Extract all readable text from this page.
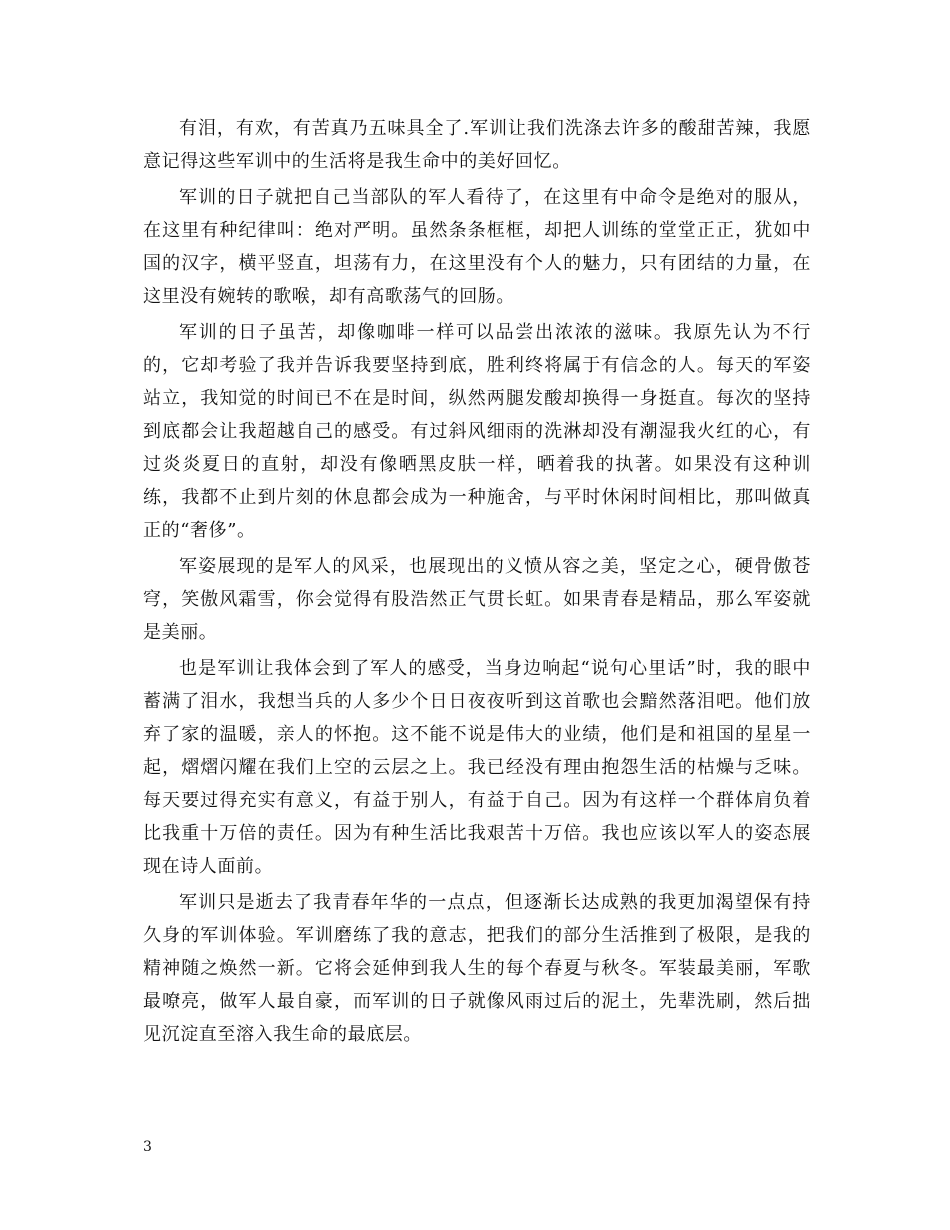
有泪，有欢，有苦真乃五味具全了.军训让我们洗涤去许多的酸甜苦辣，我愿意记得这些军训中的生活将是我生命中的美好回忆。

军训的日子就把自己当部队的军人看待了，在这里有中命令是绝对的服从，在这里有种纪律叫：绝对严明。虽然条条框框，却把人训练的堂堂正正，犹如中国的汉字，横平竖直，坦荡有力，在这里没有个人的魅力，只有团结的力量，在这里没有婉转的歌喉，却有高歌荡气的回肠。

军训的日子虽苦，却像咖啡一样可以品尝出浓浓的滋味。我原先认为不行的，它却考验了我并告诉我要坚持到底，胜利终将属于有信念的人。每天的军姿站立，我知觉的时间已不在是时间，纵然两腿发酸却换得一身挺直。每次的坚持到底都会让我超越自己的感受。有过斜风细雨的洗淋却没有潮湿我火红的心，有过炎炎夏日的直射，却没有像晒黑皮肤一样，晒着我的执著。如果没有这种训练，我都不止到片刻的休息都会成为一种施舍，与平时休闲时间相比，那叫做真正的“奢侈”。

军姿展现的是军人的风采，也展现出的义愤从容之美，坚定之心，硬骨傲苍穹，笑傲风霜雪，你会觉得有股浩然正气贯长虹。如果青春是精品，那么军姿就是美丽。

也是军训让我体会到了军人的感受，当身边响起“说句心里话”时，我的眼中蓄满了泪水，我想当兵的人多少个日日夜夜听到这首歌也会黯然落泪吧。他们放弃了家的温暖，亲人的怀抱。这不能不说是伟大的业绩，他们是和祖国的星星一起，熠熠闪耀在我们上空的云层之上。我已经没有理由抱怨生活的枯燥与乏味。每天要过得充实有意义，有益于别人，有益于自己。因为有这样一个群体肩负着比我重十万倍的责任。因为有种生活比我艰苦十万倍。我也应该以军人的姿态展现在诗人面前。

军训只是逝去了我青春年华的一点点，但逐渐长达成熟的我更加渴望保有持久身的军训体验。军训磨练了我的意志，把我们的部分生活推到了极限，是我的精神随之焕然一新。它将会延伸到我人生的每个春夏与秋冬。军装最美丽，军歌最嘹亮，做军人最自豪，而军训的日子就像风雨过后的泥土，先辈洗刷，然后拙见沉淀直至溶入我生命的最底层。

3
